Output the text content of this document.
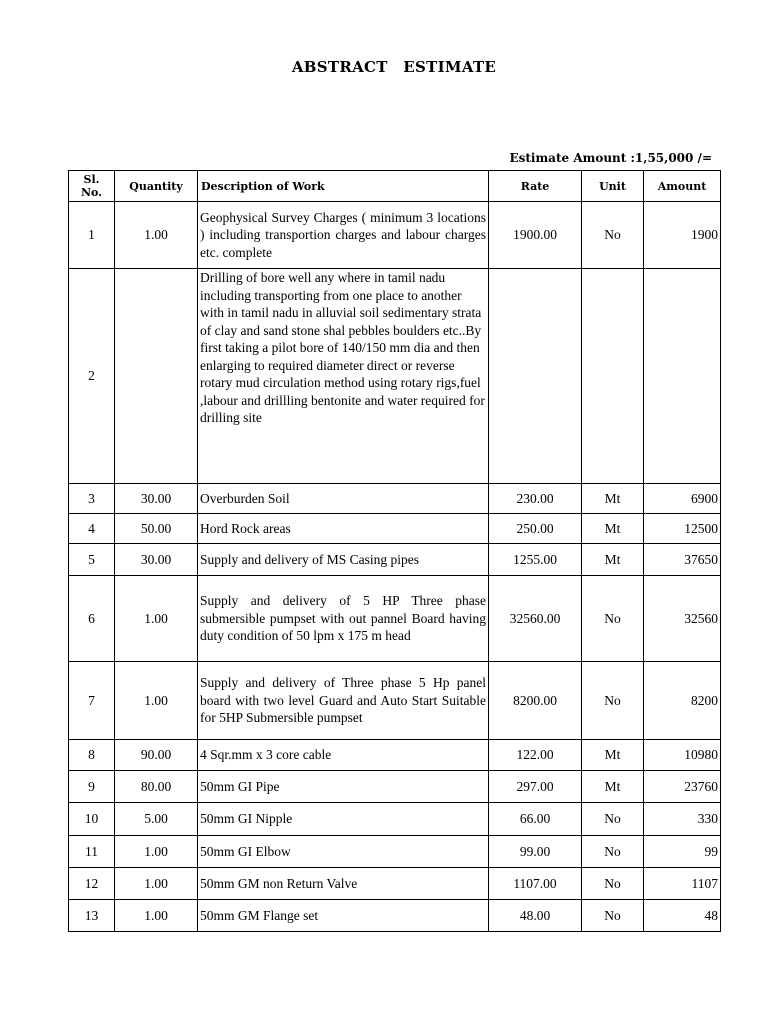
ABSTRACT ESTIMATE
Estimate Amount :1,55,000 /=
Sl. No.	Quantity	Description of Work	Rate	Unit	Amount
1	1.00	Geophysical Survey Charges ( minimum 3 locations ) including transportion charges and labour charges etc. complete	1900.00	No	1900
2		Drilling of bore well any where in tamil nadu including transporting from one place to another with in tamil nadu in alluvial soil sedimentary strata of clay and sand stone shal pebbles boulders etc..By first taking a pilot bore of 140/150 mm dia and then enlarging to required diameter direct or reverse rotary mud circulation method using rotary rigs,fuel ,labour and drillling bentonite and water required for drilling site			
3	30.00	Overburden Soil	230.00	Mt	6900
4	50.00	Hord Rock areas	250.00	Mt	12500
5	30.00	Supply and delivery of MS Casing pipes	1255.00	Mt	37650
6	1.00	Supply and delivery of 5 HP Three phase submersible pumpset with out pannel Board having duty condition of 50 lpm x 175 m head	32560.00	No	32560
7	1.00	Supply and delivery of Three phase 5 Hp panel board with two level Guard and Auto Start Suitable for 5HP Submersible pumpset	8200.00	No	8200
8	90.00	4 Sqr.mm x 3 core cable	122.00	Mt	10980
9	80.00	50mm GI Pipe	297.00	Mt	23760
10	5.00	50mm GI Nipple	66.00	No	330
11	1.00	50mm GI Elbow	99.00	No	99
12	1.00	50mm GM non Return Valve	1107.00	No	1107
13	1.00	50mm GM Flange set	48.00	No	48
